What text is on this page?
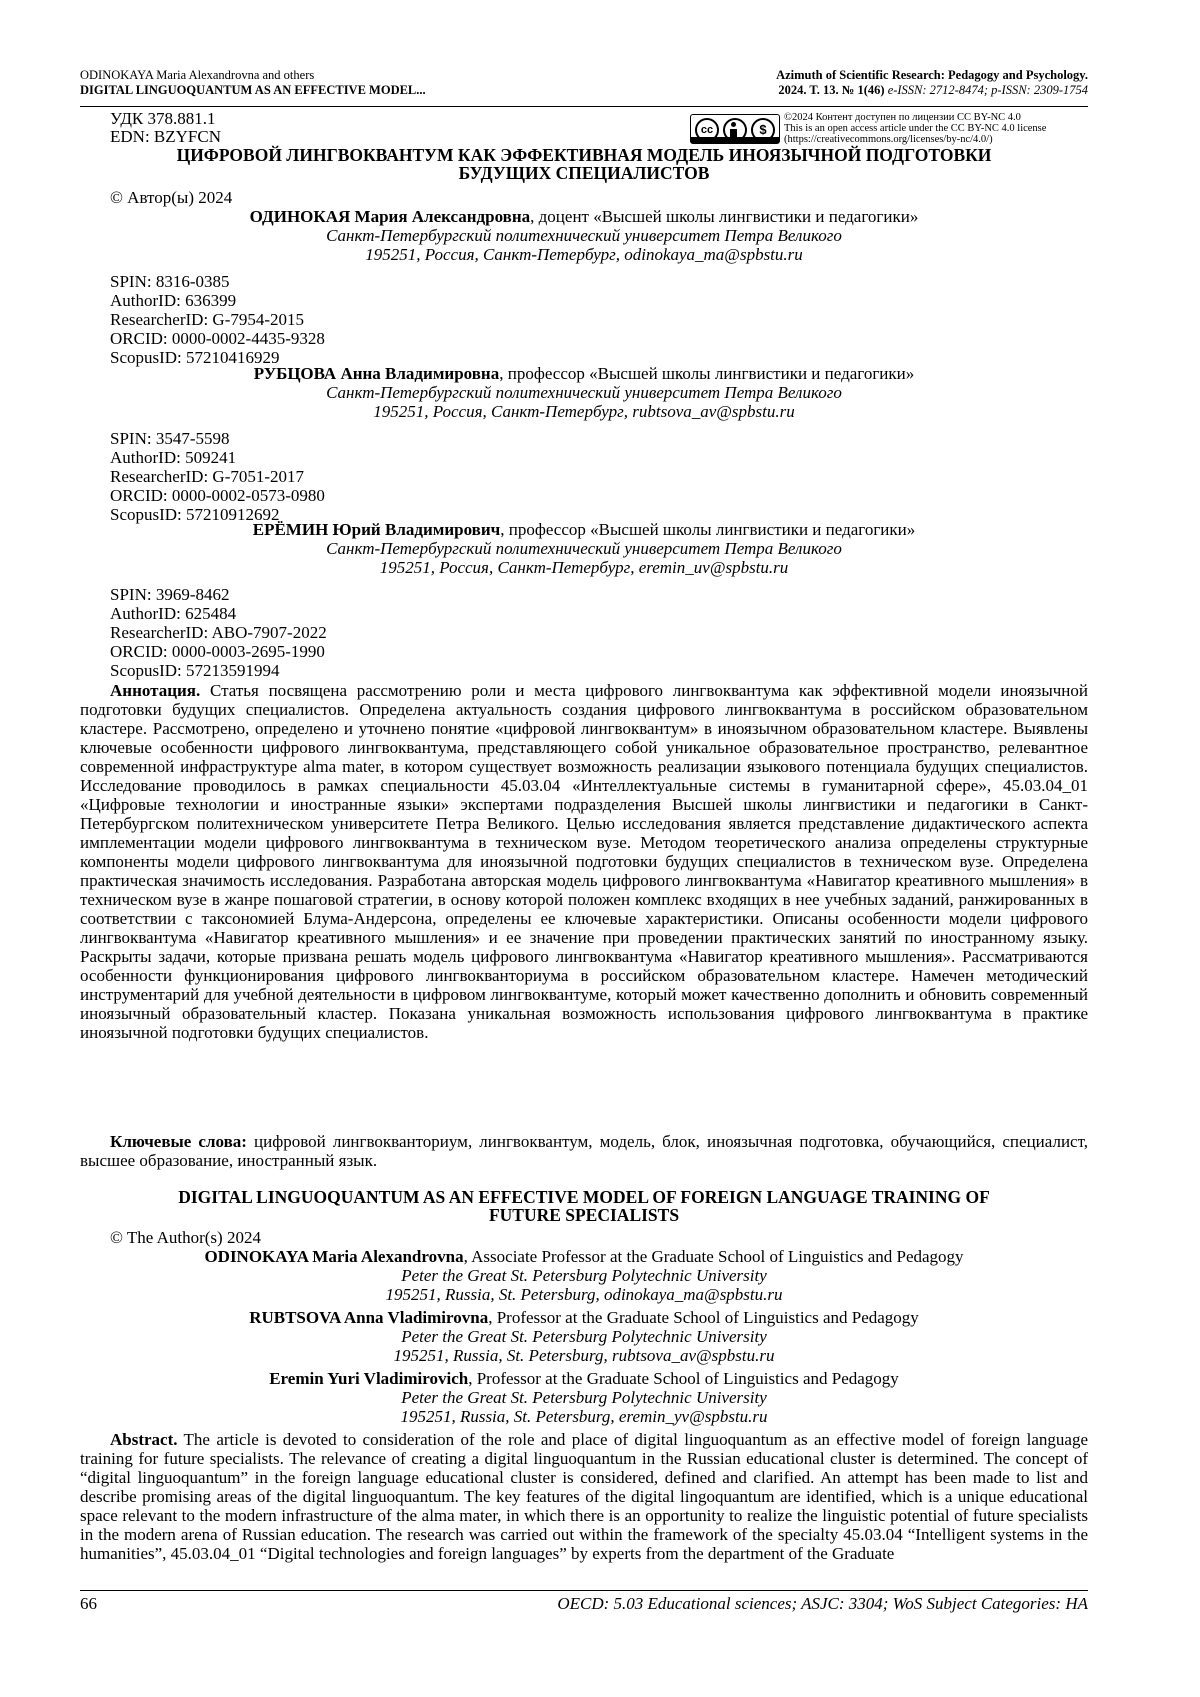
ODINOKAYA Maria Alexandrovna and others
DIGITAL LINGUOQUANTUM AS AN EFFECTIVE MODEL...
Azimuth of Scientific Research: Pedagogy and Psychology.
2024. T. 13. № 1(46) e-ISSN: 2712-8474; p-ISSN: 2309-1754
УДК 378.881.1
EDN: BZYFCN	cc	$
©2024 Контент доступен по лицензии CC BY-NC 4.0
This is an open access article under the CC BY-NC 4.0 license
(https://creativecommons.org/licenses/by-nc/4.0/)
ЦИФРОВОЙ ЛИНГВОКВАНТУМ КАК ЭФФЕКТИВНАЯ МОДЕЛЬ ИНОЯЗЫЧНОЙ ПОДГОТОВКИ
БУДУЩИХ СПЕЦИАЛИСТОВ
© Автор(ы) 2024
ОДИНОКАЯ Мария Александровна, доцент «Высшей школы лингвистики и педагогики»
Санкт-Петербургский политехнический университет Петра Великого
195251, Россия, Санкт-Петербург, odinokaya_ma@spbstu.ru
SPIN: 8316-0385
AuthorID: 636399
ResearcherID: G-7954-2015
ORCID: 0000-0002-4435-9328
ScopusID: 57210416929
РУБЦОВА Анна Владимировна, профессор «Высшей школы лингвистики и педагогики»
Санкт-Петербургский политехнический университет Петра Великого
195251, Россия, Санкт-Петербург, rubtsova_av@spbstu.ru
SPIN: 3547-5598
AuthorID: 509241
ResearcherID: G-7051-2017
ORCID: 0000-0002-0573-0980
ScopusID: 57210912692
ЕРЁМИН Юрий Владимирович, профессор «Высшей школы лингвистики и педагогики»
Санкт-Петербургский политехнический университет Петра Великого
195251, Россия, Санкт-Петербург, eremin_uv@spbstu.ru
SPIN: 3969-8462
AuthorID: 625484
ResearcherID: ABO-7907-2022
ORCID: 0000-0003-2695-1990
ScopusID: 57213591994
Аннотация. Статья посвящена рассмотрению роли и места цифрового лингвоквантума как эффективной модели иноязычной подготовки будущих специалистов. Определена актуальность создания цифрового лингвоквантума в российском образовательном кластере. Рассмотрено, определено и уточнено понятие «цифровой лингвоквантум» в иноязычном образовательном кластере. Выявлены ключевые особенности цифрового лингвоквантума, представляющего собой уникальное образовательное пространство, релевантное современной инфраструктуре alma mater, в котором существует возможность реализации языкового потенциала будущих специалистов. Исследование проводилось в рамках специальности 45.03.04 «Интеллектуальные системы в гуманитарной сфере», 45.03.04_01 «Цифровые технологии и иностранные языки» экспертами подразделения Высшей школы лингвистики и педагогики в Санкт-Петербургском политехническом университете Петра Великого. Целью исследования является представление дидактического аспекта имплементации модели цифрового лингвоквантума в техническом вузе. Методом теоретического анализа определены структурные компоненты модели цифрового лингвоквантума для иноязычной подготовки будущих специалистов в техническом вузе. Определена практическая значимость исследования. Разработана авторская модель цифрового лингвоквантума «Навигатор креативного мышления» в техническом вузе в жанре пошаговой стратегии, в основу которой положен комплекс входящих в нее учебных заданий, ранжированных в соответствии с таксономией Блума-Андерсона, определены ее ключевые характеристики. Описаны особенности модели цифрового лингвоквантума «Навигатор креативного мышления» и ее значение при проведении практических занятий по иностранному языку. Раскрыты задачи, которые призвана решать модель цифрового лингвоквантума «Навигатор креативного мышления». Рассматриваются особенности функционирования цифрового лингвокванториума в российском образовательном кластере. Намечен методический инструментарий для учебной деятельности в цифровом лингвоквантуме, который может качественно дополнить и обновить современный иноязычный образовательный кластер. Показана уникальная возможность использования цифрового лингвоквантума в практике иноязычной подготовки будущих специалистов.
Ключевые слова: цифровой лингвокванториум, лингвоквантум, модель, блок, иноязычная подготовка, обучающийся, специалист, высшее образование, иностранный язык.
DIGITAL LINGUOQUANTUM AS AN EFFECTIVE MODEL OF FOREIGN LANGUAGE TRAINING OF
FUTURE SPECIALISTS
© The Author(s) 2024
ODINOKAYA Maria Alexandrovna, Associate Professor at the Graduate School of Linguistics and Pedagogy
Peter the Great St. Petersburg Polytechnic University
195251, Russia, St. Petersburg, odinokaya_ma@spbstu.ru
RUBTSOVA Anna Vladimirovna, Professor at the Graduate School of Linguistics and Pedagogy
Peter the Great St. Petersburg Polytechnic University
195251, Russia, St. Petersburg, rubtsova_av@spbstu.ru
Eremin Yuri Vladimirovich, Professor at the Graduate School of Linguistics and Pedagogy
Peter the Great St. Petersburg Polytechnic University
195251, Russia, St. Petersburg, eremin_yv@spbstu.ru
Abstract. The article is devoted to consideration of the role and place of digital linguoquantum as an effective model of foreign language training for future specialists. The relevance of creating a digital linguoquantum in the Russian educational cluster is determined. The concept of “digital linguoquantum” in the foreign language educational cluster is considered, defined and clarified. An attempt has been made to list and describe promising areas of the digital linguoquantum. The key features of the digital lingoquantum are identified, which is a unique educational space relevant to the modern infrastructure of the alma mater, in which there is an opportunity to realize the linguistic potential of future specialists in the modern arena of Russian education. The research was carried out within the framework of the specialty 45.03.04 “Intelligent systems in the humanities”, 45.03.04_01 “Digital technologies and foreign languages” by experts from the department of the Graduate
66	OECD: 5.03 Educational sciences; ASJC: 3304; WoS Subject Categories: HA
